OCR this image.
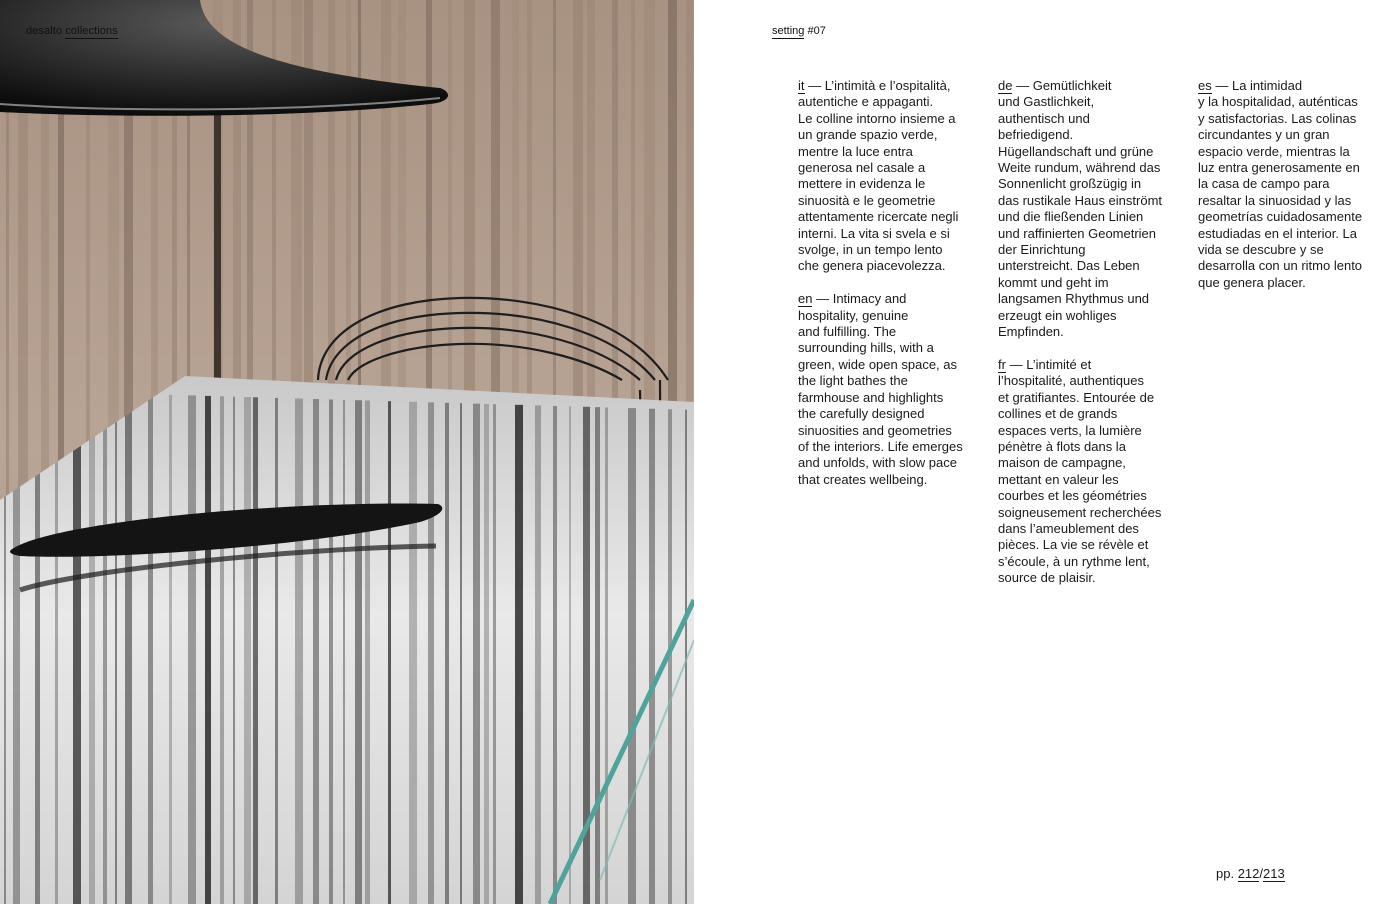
desalto collections	setting #07

it — L’intimità e l’ospitalità,
autentiche e appaganti.
Le colline intorno insieme a un grande spazio verde, mentre la luce entra generosa nel casale a mettere in evidenza le sinuosità e le geometrie attentamente ricercate negli interni. La vita si svela e si svolge, in un tempo lento che genera piacevolezza.

en — Intimacy and
hospitality, genuine
and fulfilling. The surrounding hills, with a green, wide open space, as the light bathes the farmhouse and highlights the carefully designed sinuosities and geometries of the interiors. Life emerges and unfolds, with slow pace that creates wellbeing.

de — Gemütlichkeit
und Gastlichkeit, authentisch und befriedigend.
Hügellandschaft und grüne Weite rundum, während das Sonnenlicht großzügig in das rustikale Haus einströmt und die fließenden Linien und raffinierten Geometrien der Einrichtung unterstreicht. Das Leben kommt und geht im langsamen Rhythmus und erzeugt ein wohliges Empfinden.

fr — L’intimité et
l’hospitalité, authentiques
et gratifiantes. Entourée de collines et de grands espaces verts, la lumière pénètre à flots dans la maison de campagne, mettant en valeur les courbes et les géométries soigneusement recherchées dans l’ameublement des pièces. La vie se révèle et s’écoule, à un rythme lent, source de plaisir.

es — La intimidad
y la hospitalidad, auténticas
y satisfactorias. Las colinas circundantes y un gran espacio verde, mientras la luz entra generosamente en la casa de campo para resaltar la sinuosidad y las geometrías cuidadosamente estudiadas en el interior. La vida se descubre y se desarrolla con un ritmo lento que genera placer.

pp. 212/213
